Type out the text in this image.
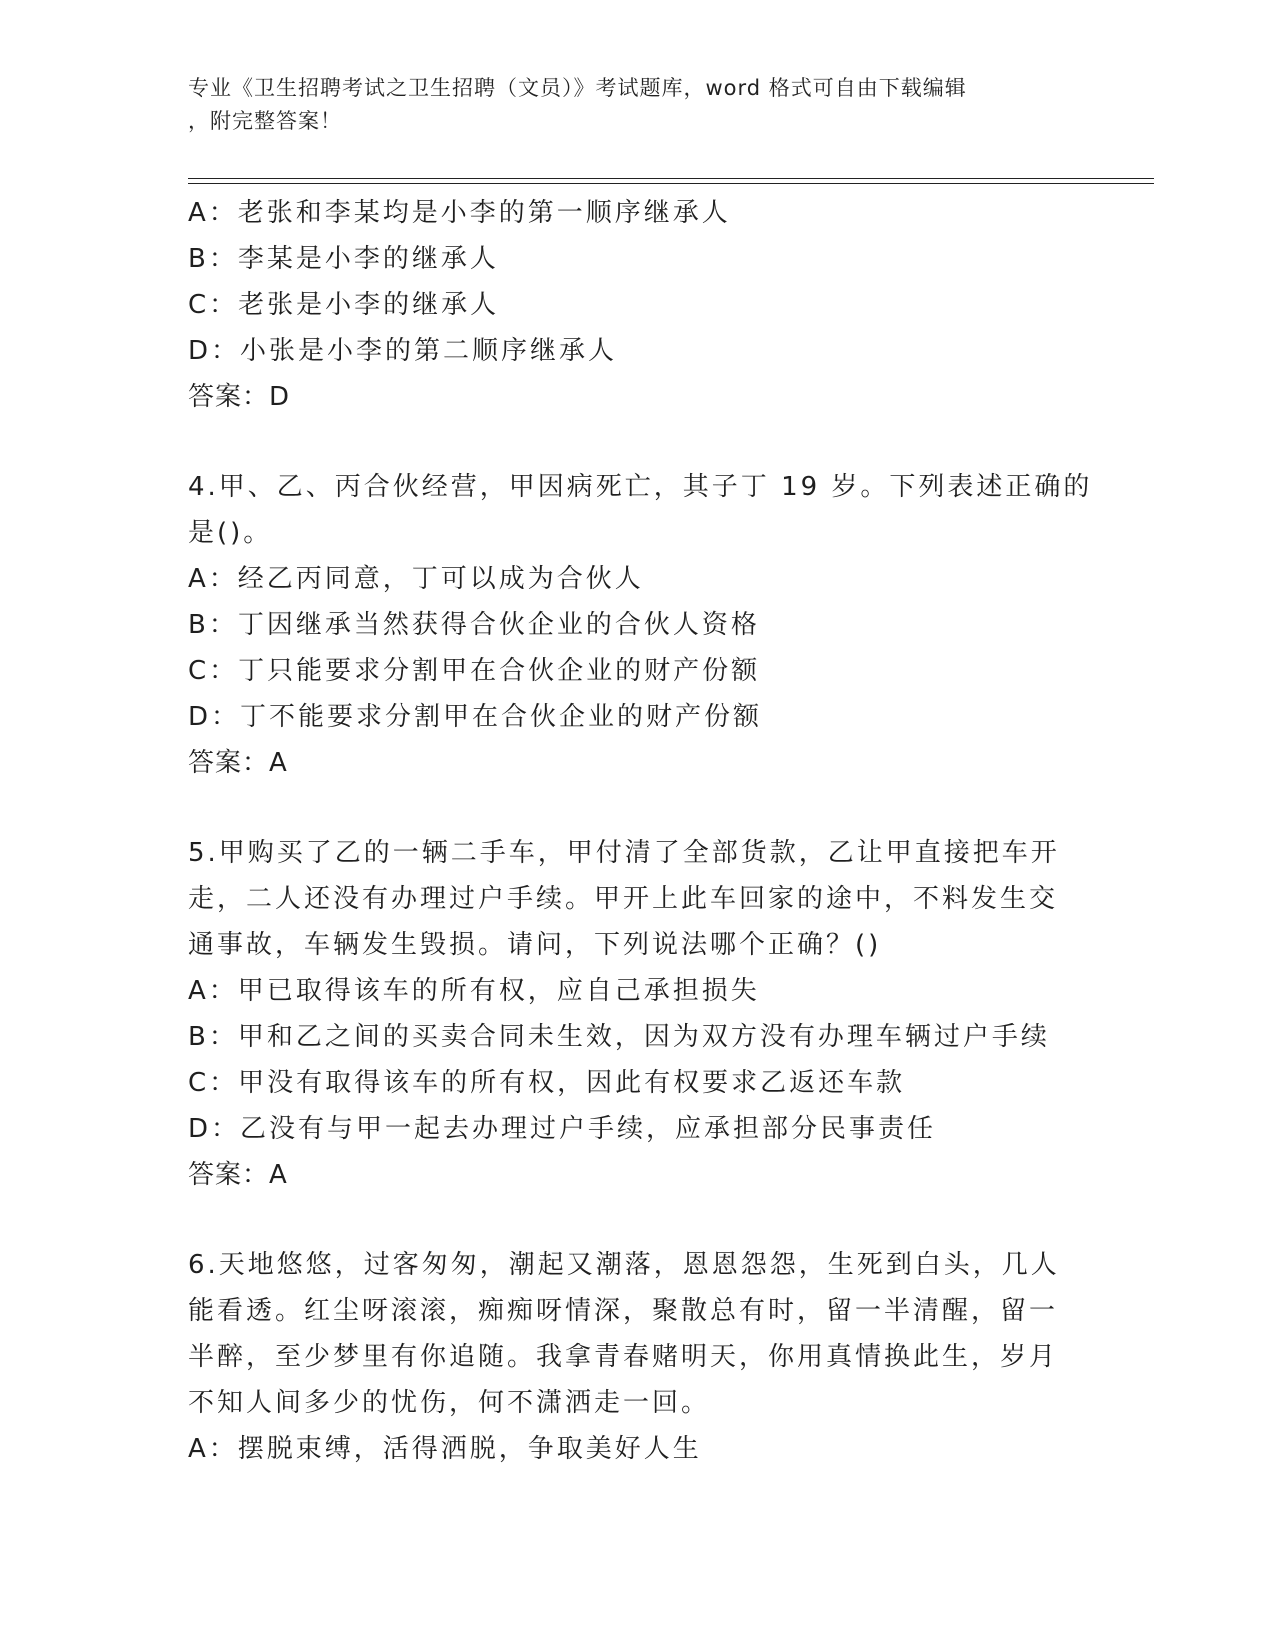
专业《卫生招聘考试之卫生招聘（文员）》考试题库，word 格式可自由下载编辑
，附完整答案！
A：老张和李某均是小李的第一顺序继承人
B：李某是小李的继承人
C：老张是小李的继承人
D：小张是小李的第二顺序继承人
答案：D
4.甲、乙、丙合伙经营，甲因病死亡，其子丁 19 岁。下列表述正确的
是()。
A：经乙丙同意，丁可以成为合伙人
B：丁因继承当然获得合伙企业的合伙人资格
C：丁只能要求分割甲在合伙企业的财产份额
D：丁不能要求分割甲在合伙企业的财产份额
答案：A
5.甲购买了乙的一辆二手车，甲付清了全部货款，乙让甲直接把车开
走，二人还没有办理过户手续。甲开上此车回家的途中，不料发生交
通事故，车辆发生毁损。请问，下列说法哪个正确？()
A：甲已取得该车的所有权，应自己承担损失
B：甲和乙之间的买卖合同未生效，因为双方没有办理车辆过户手续
C：甲没有取得该车的所有权，因此有权要求乙返还车款
D：乙没有与甲一起去办理过户手续，应承担部分民事责任
答案：A
6.天地悠悠，过客匆匆，潮起又潮落，恩恩怨怨，生死到白头，几人
能看透。红尘呀滚滚，痴痴呀情深，聚散总有时，留一半清醒，留一
半醉，至少梦里有你追随。我拿青春赌明天，你用真情换此生，岁月
不知人间多少的忧伤，何不潇洒走一回。
A：摆脱束缚，活得洒脱，争取美好人生
